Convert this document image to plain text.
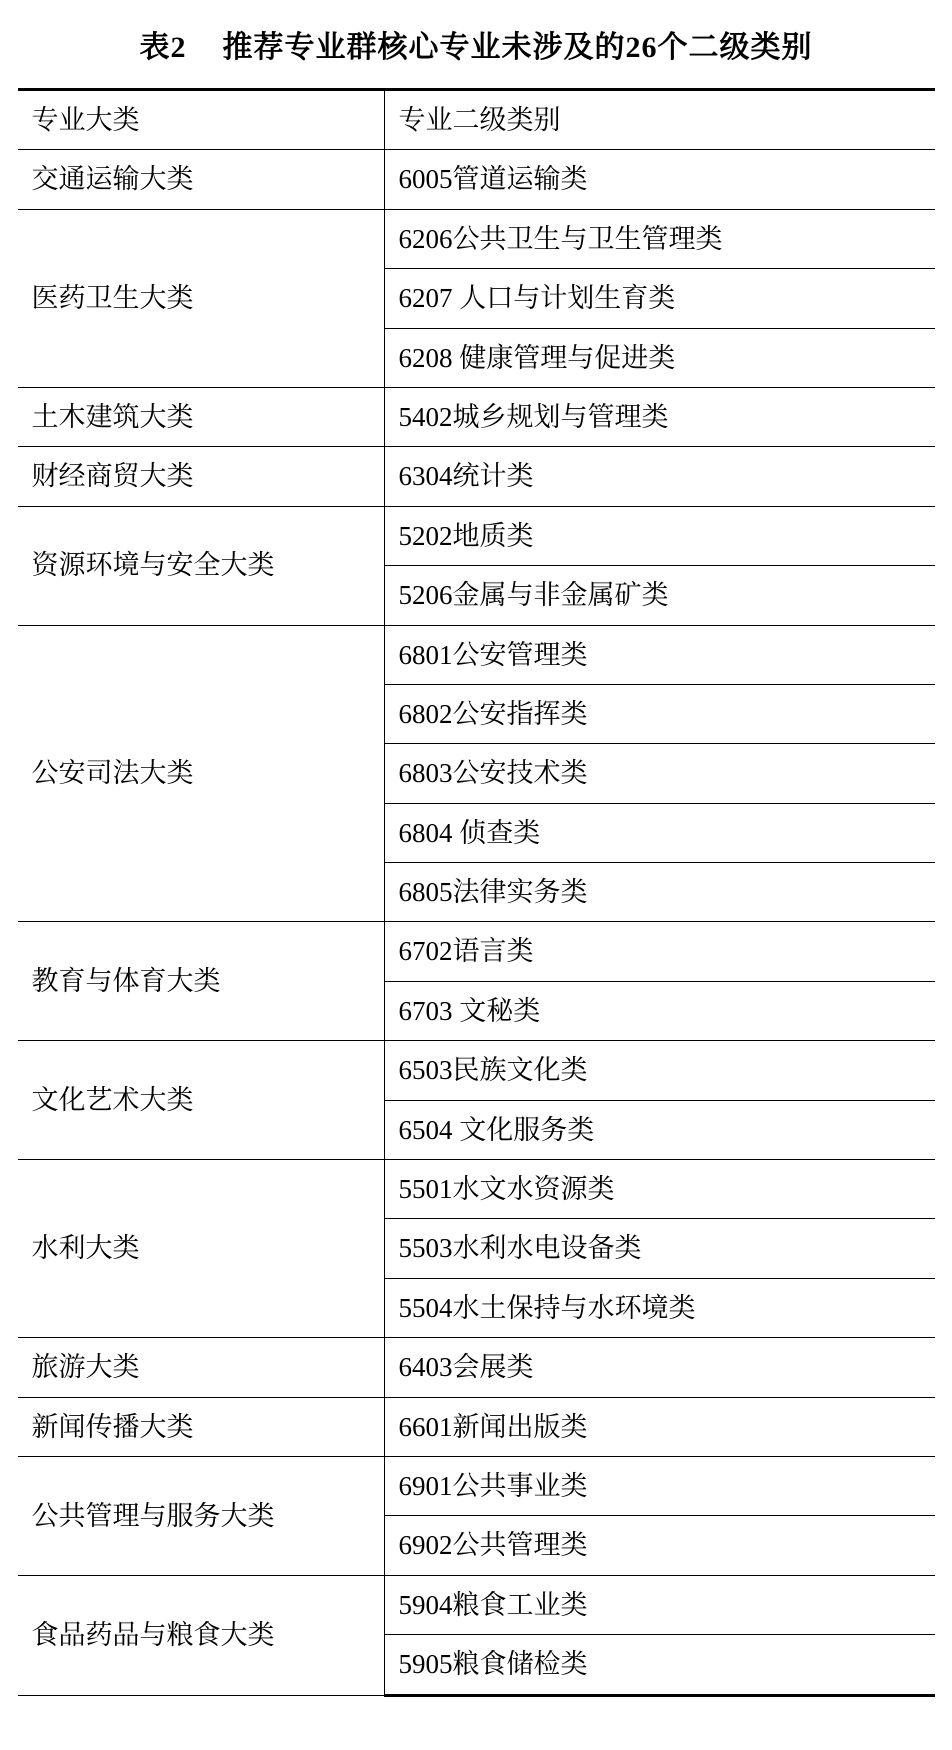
表2 推荐专业群核心专业未涉及的26个二级类别
专业大类	专业二级类别
交通运输大类	6005管道运输类
医药卫生大类	6206公共卫生与卫生管理类
	6207 人口与计划生育类
	6208 健康管理与促进类
土木建筑大类	5402城乡规划与管理类
财经商贸大类	6304统计类
资源环境与安全大类	5202地质类
	5206金属与非金属矿类
公安司法大类	6801公安管理类
	6802公安指挥类
	6803公安技术类
	6804 侦查类
	6805法律实务类
教育与体育大类	6702语言类
	6703 文秘类
文化艺术大类	6503民族文化类
	6504 文化服务类
水利大类	5501水文水资源类
	5503水利水电设备类
	5504水土保持与水环境类
旅游大类	6403会展类
新闻传播大类	6601新闻出版类
公共管理与服务大类	6901公共事业类
	6902公共管理类
食品药品与粮食大类	5904粮食工业类
	5905粮食储检类
